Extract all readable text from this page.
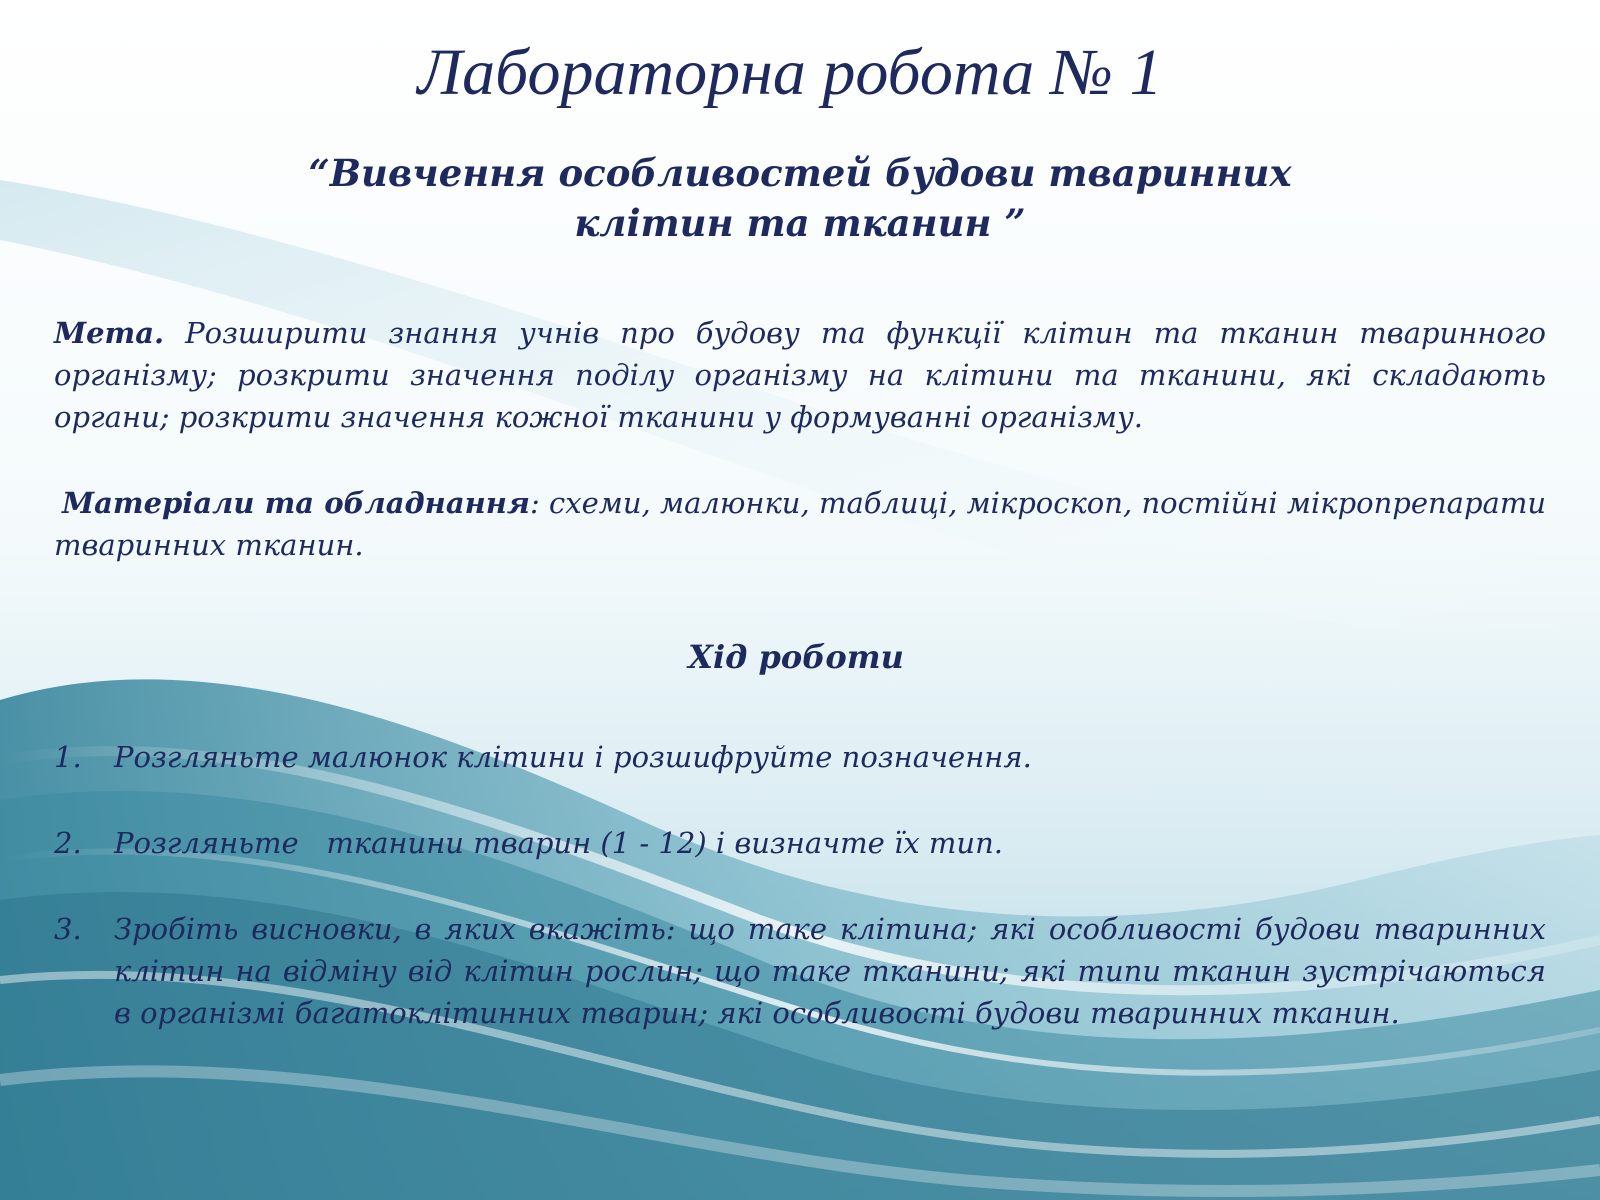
Лабораторна робота № 1
“Вивчення особливостей будови тваринних
клітин та тканин ”
Мета. Розширити знання учнів про будову та функції клітин та тканин тваринного організму; розкрити значення поділу організму на клітини та тканини, які складають органи; розкрити значення кожної тканини у формуванні організму.
Матеріали та обладнання: схеми, малюнки, таблиці, мікроскоп, постійні мікропрепарати тваринних тканин.
Хід роботи
1.	Розгляньте малюнок клітини і розшифруйте позначення.
2.	Розгляньте   тканини тварин (1 - 12) і визначте їх тип.
3.	Зробіть висновки, в яких вкажіть: що таке клітина; які особливості будови тваринних клітин на відміну від клітин рослин; що таке тканини; які типи тканин зустрічаються в організмі багатоклітинних тварин; які особливості будови тваринних тканин.
